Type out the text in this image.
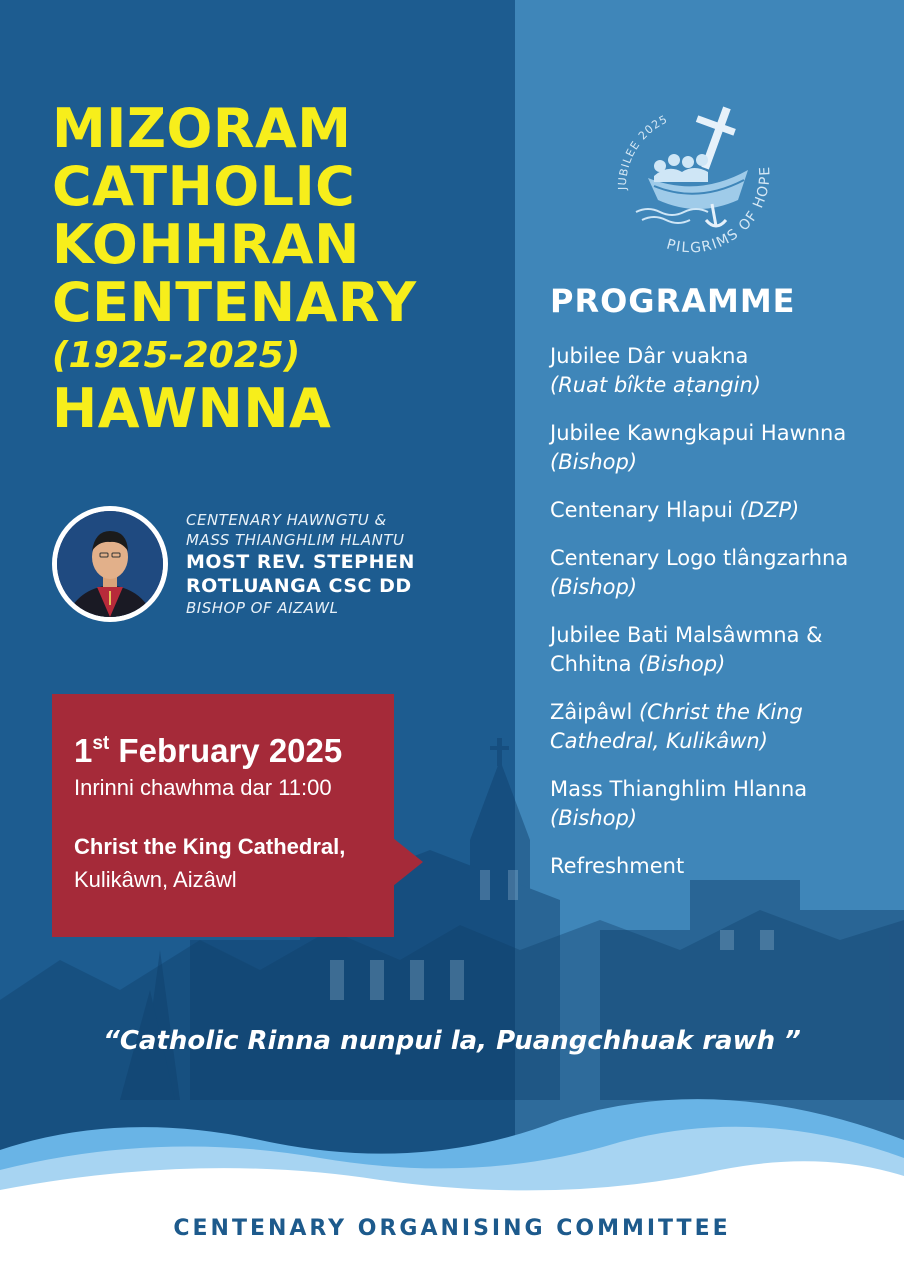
MIZORAM
CATHOLIC
KOHHRAN
CENTENARY
(1925-2025)
HAWNNA

CENTENARY HAWNGTU &

MASS THIANGHLIM HLANTU

MOST REV. STEPHEN

ROTLUANGA CSC DD

BISHOP OF AIZAWL

1st February 2025

Inrinni chawhma dar 11:00
Christ the King Cathedral,
Kulikâwn, Aizâwl
JUBILEE 2025
PILGRIMS OF HOPE
PROGRAMME
Jubilee Dâr vuakna
(Ruat bîkte aṭangin)
Jubilee Kawngkapui Hawnna (Bishop)
Centenary Hlapui (DZP)
Centenary Logo tlângzarhna (Bishop)
Jubilee Bati Malsâwmna & Chhitna (Bishop)
Zâipâwl (Christ the King Cathedral, Kulikâwn)
Mass Thianghlim Hlanna
(Bishop)
Refreshment

“Catholic Rinna nunpui la, Puangchhuak rawh ”

CENTENARY ORGANISING COMMITTEE
